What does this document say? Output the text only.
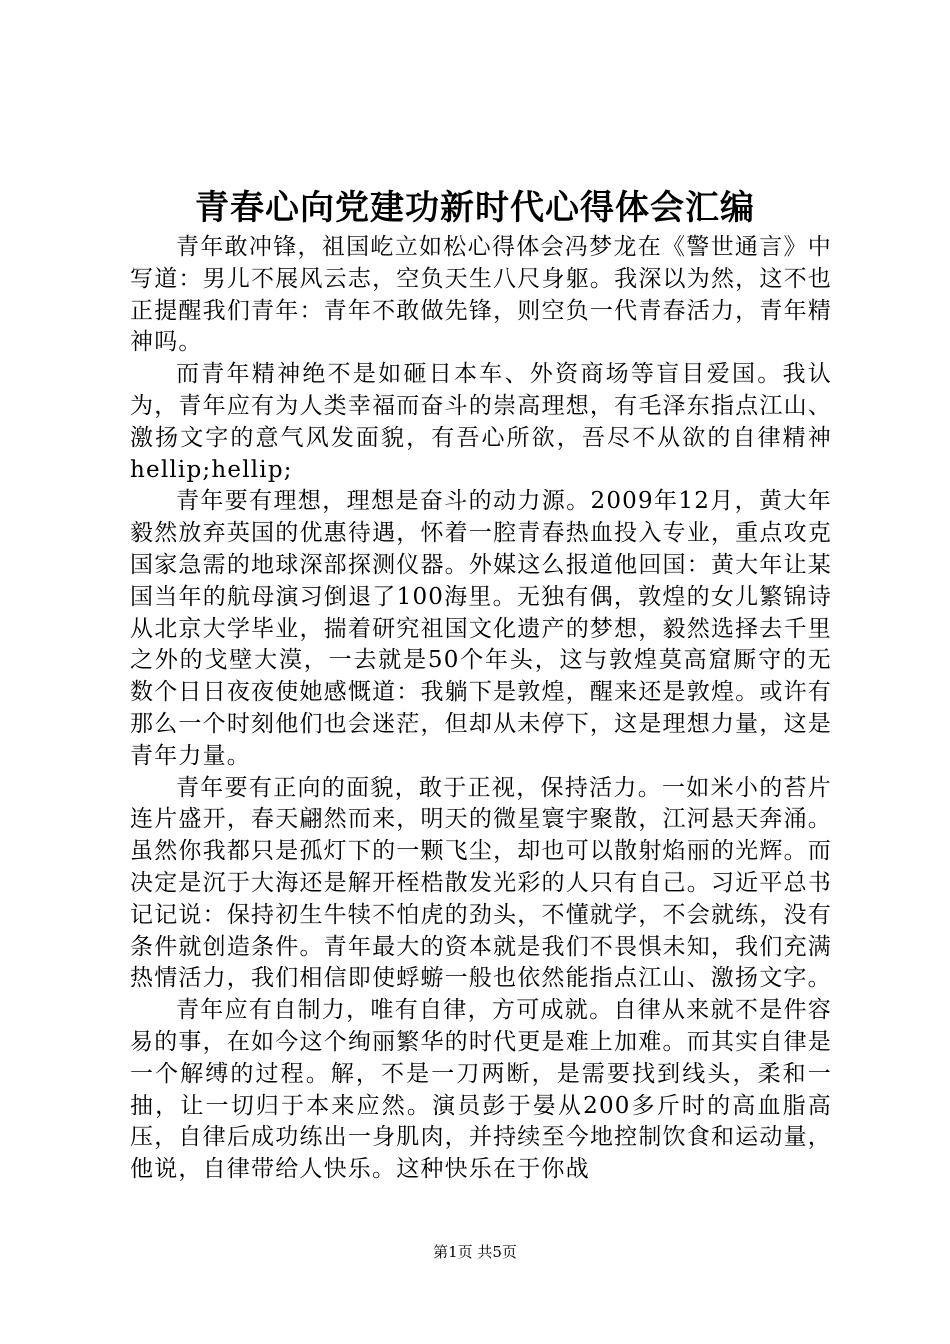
青春心向党建功新时代心得体会汇编

青年敢冲锋，祖国屹立如松心得体会冯梦龙在《警世通言》中写道：男儿不展风云志，空负天生八尺身躯。我深以为然，这不也正提醒我们青年：青年不敢做先锋，则空负一代青春活力，青年精神吗。

而青年精神绝不是如砸日本车、外资商场等盲目爱国。我认为，青年应有为人类幸福而奋斗的崇高理想，有毛泽东指点江山、激扬文字的意气风发面貌，有吾心所欲，吾尽不从欲的自律精神hellip;hellip;

青年要有理想，理想是奋斗的动力源。2009年12月，黄大年毅然放弃英国的优惠待遇，怀着一腔青春热血投入专业，重点攻克国家急需的地球深部探测仪器。外媒这么报道他回国：黄大年让某国当年的航母演习倒退了100海里。无独有偶，敦煌的女儿繁锦诗从北京大学毕业，揣着研究祖国文化遗产的梦想，毅然选择去千里之外的戈壁大漠，一去就是50个年头，这与敦煌莫高窟厮守的无数个日日夜夜使她感慨道：我躺下是敦煌，醒来还是敦煌。或许有那么一个时刻他们也会迷茫，但却从未停下，这是理想力量，这是青年力量。

青年要有正向的面貌，敢于正视，保持活力。一如米小的苔片连片盛开，春天翩然而来，明天的微星寰宇聚散，江河悬天奔涌。虽然你我都只是孤灯下的一颗飞尘，却也可以散射焰丽的光辉。而决定是沉于大海还是解开桎梏散发光彩的人只有自己。习近平总书记记说：保持初生牛犊不怕虎的劲头，不懂就学，不会就练，没有条件就创造条件。青年最大的资本就是我们不畏惧未知，我们充满热情活力，我们相信即使蜉蝣一般也依然能指点江山、激扬文字。

青年应有自制力，唯有自律，方可成就。自律从来就不是件容易的事，在如今这个绚丽繁华的时代更是难上加难。而其实自律是一个解缚的过程。解，不是一刀两断，是需要找到线头，柔和一抽，让一切归于本来应然。演员彭于晏从200多斤时的高血脂高压，自律后成功练出一身肌肉，并持续至今地控制饮食和运动量，他说，自律带给人快乐。这种快乐在于你战

第1页 共5页
